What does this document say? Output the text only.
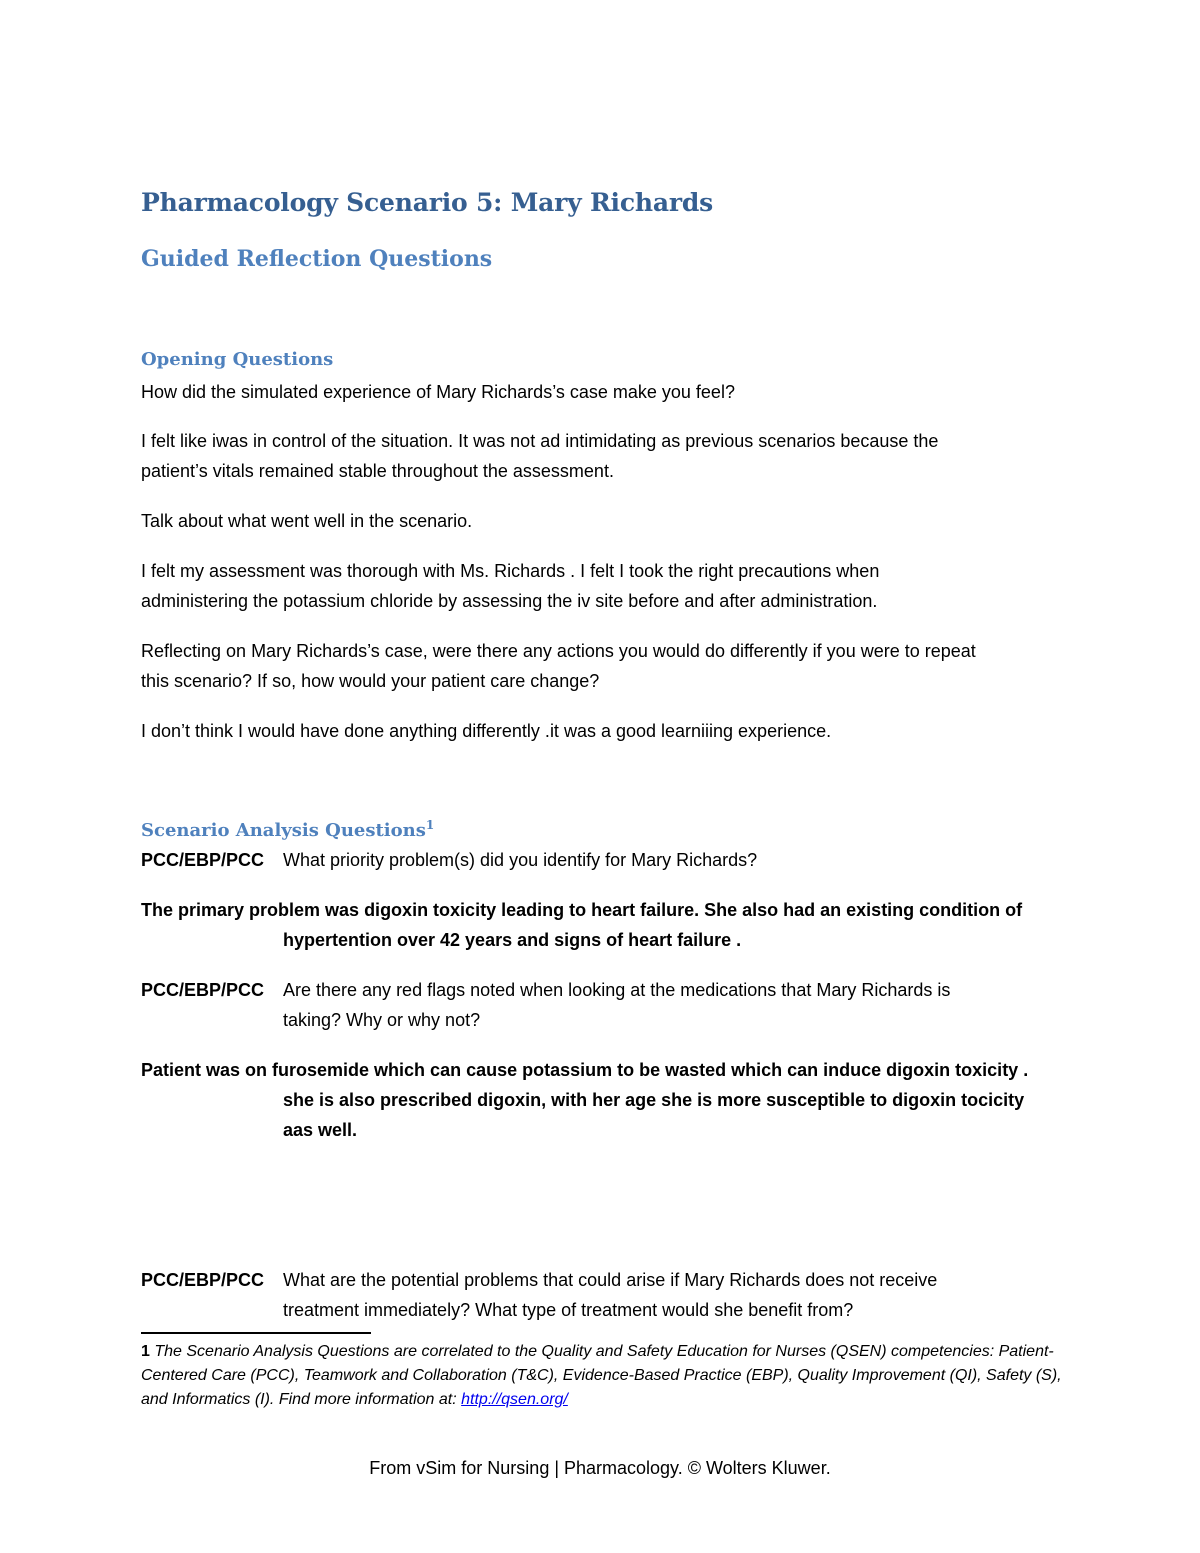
Pharmacology Scenario 5: Mary Richards
Guided Reflection Questions
Opening Questions
How did the simulated experience of Mary Richards’s case make you feel?
I felt like iwas in control of the situation. It was not ad intimidating as previous scenarios because the
patient’s vitals remained stable throughout the assessment.
Talk about what went well in the scenario.
I felt my assessment was thorough with Ms. Richards . I felt I took the right precautions when
administering the potassium chloride by assessing the iv site before and after administration.
Reflecting on Mary Richards’s case, were there any actions you would do differently if you were to repeat
this scenario? If so, how would your patient care change?
I don’t think I would have done anything differently .it was a good learniiing experience.
Scenario Analysis Questions$^1$
PCC/EBP/PCC What priority problem(s) did you identify for Mary Richards?
The primary problem was digoxin toxicity leading to heart failure. She also had an existing condition of
hypertention over 42 years and signs of heart failure .
PCC/EBP/PCC Are there any red flags noted when looking at the medications that Mary Richards is
taking? Why or why not?
Patient was on furosemide which can cause potassium to be wasted which can induce digoxin toxicity .
she is also prescribed digoxin, with her age she is more susceptible to digoxin tocicity
aas well.
PCC/EBP/PCC What are the potential problems that could arise if Mary Richards does not receive
treatment immediately? What type of treatment would she benefit from?
1 The Scenario Analysis Questions are correlated to the Quality and Safety Education for Nurses (QSEN) competencies: Patient-Centered Care (PCC), Teamwork and Collaboration (T&C), Evidence-Based Practice (EBP), Quality Improvement (QI), Safety (S), and Informatics (I). Find more information at: http://qsen.org/
From vSim for Nursing | Pharmacology. © Wolters Kluwer.
